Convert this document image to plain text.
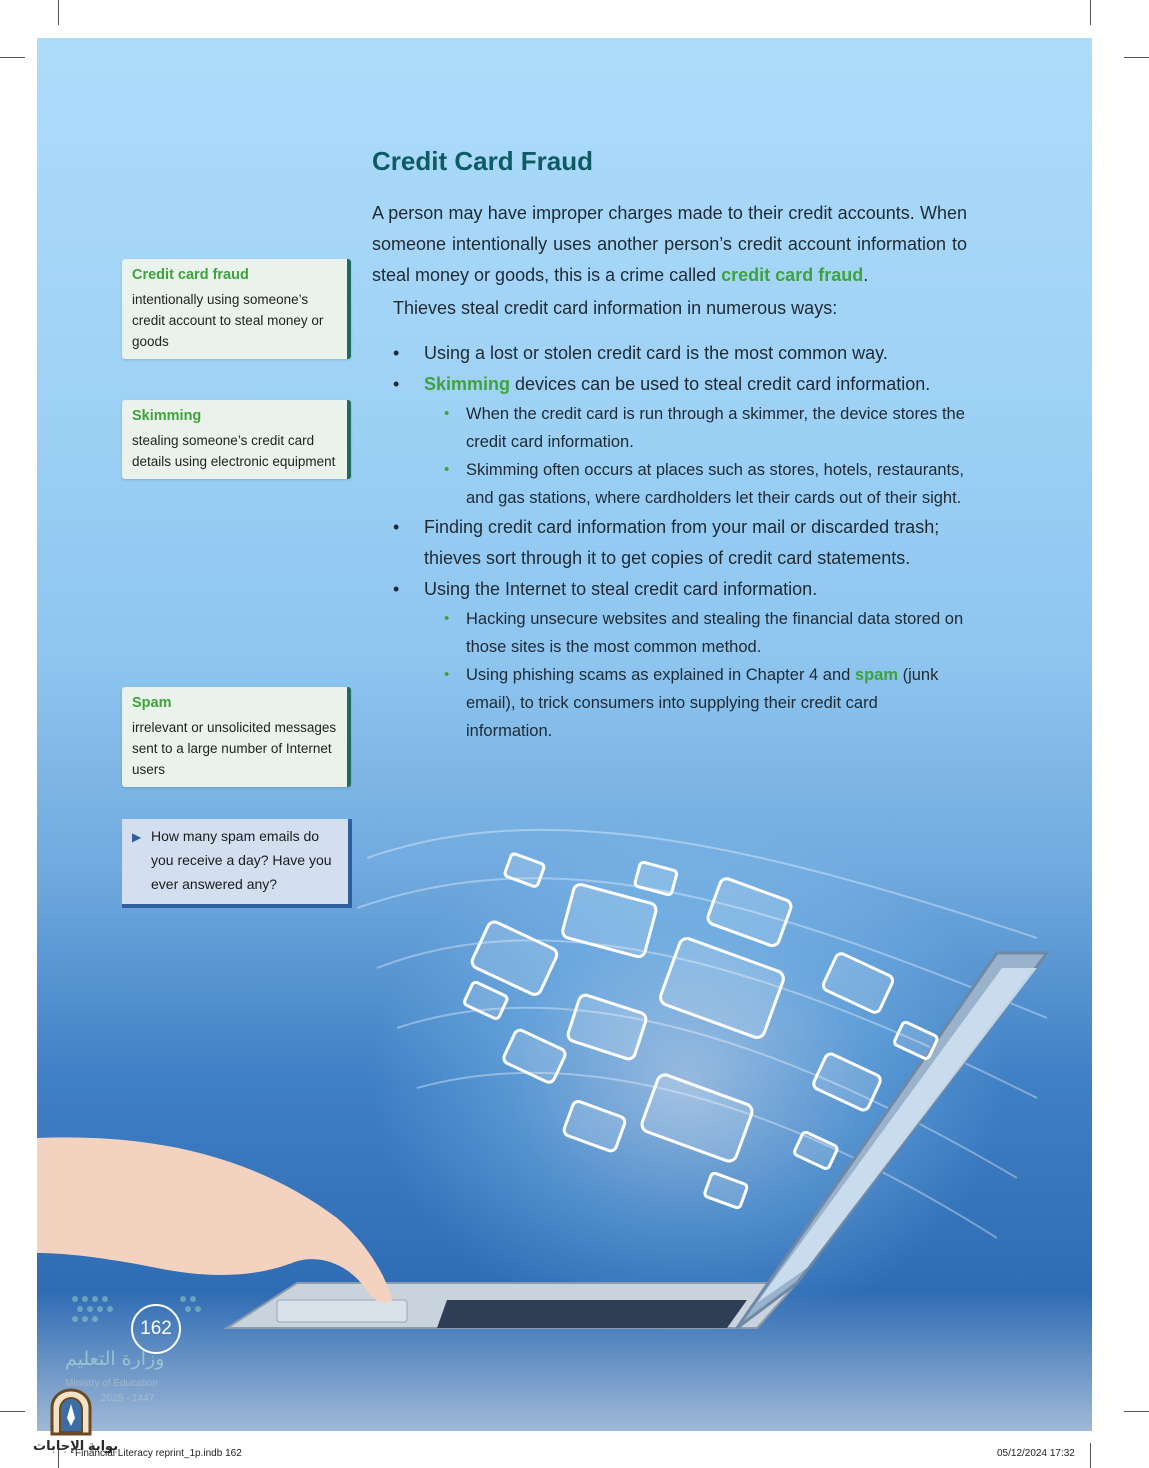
Credit Card Fraud

A person may have improper charges made to their credit accounts. When someone intentionally uses another person’s credit account information to steal money or goods, this is a crime called credit card fraud.

Thieves steal credit card information in numerous ways:

• Using a lost or stolen credit card is the most common way.
• Skimming devices can be used to steal credit card information.
• When the credit card is run through a skimmer, the device stores the credit card information.
• Skimming often occurs at places such as stores, hotels, restaurants, and gas stations, where cardholders let their cards out of their sight.
• Finding credit card information from your mail or discarded trash; thieves sort through it to get copies of credit card statements.
• Using the Internet to steal credit card information.
• Hacking unsecure websites and stealing the financial data stored on those sites is the most common method.
• Using phishing scams as explained in Chapter 4 and spam (junk email), to trick consumers into supplying their credit card information.

Credit card fraud

intentionally using someone’s credit account to steal money or goods

Skimming

stealing someone’s credit card details using electronic equipment

Spam

irrelevant or unsolicited messages sent to a large number of Internet users

▶ How many spam emails do you receive a day? Have you ever answered any?
162
وزارة التعليم
Ministry of Education
2025 - 1447
بوابة الإجابات
Financial Literacy reprint_1p.indb 162	05/12/2024 17:32
